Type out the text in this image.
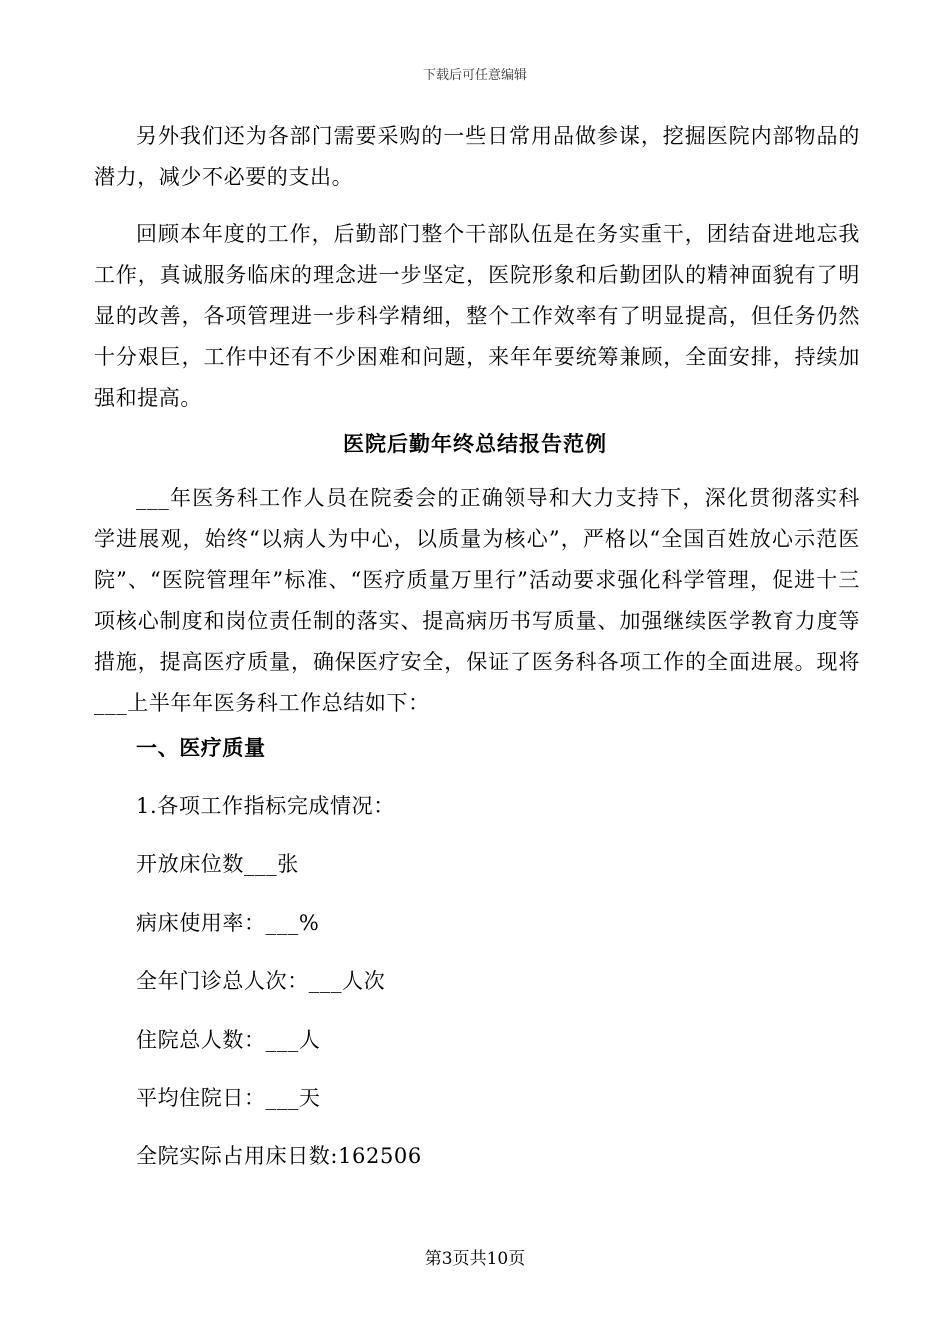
下载后可任意编辑

另外我们还为各部门需要采购的一些日常用品做参谋，挖掘医院内部物品的潜力，减少不必要的支出。

回顾本年度的工作，后勤部门整个干部队伍是在务实重干，团结奋进地忘我工作，真诚服务临床的理念进一步坚定，医院形象和后勤团队的精神面貌有了明显的改善，各项管理进一步科学精细，整个工作效率有了明显提高，但任务仍然十分艰巨，工作中还有不少困难和问题，来年年要统筹兼顾，全面安排，持续加强和提高。

医院后勤年终总结报告范例

___年医务科工作人员在院委会的正确领导和大力支持下，深化贯彻落实科学进展观，始终“以病人为中心，以质量为核心”，严格以“全国百姓放心示范医院”、“医院管理年”标准、“医疗质量万里行”活动要求强化科学管理，促进十三项核心制度和岗位责任制的落实、提高病历书写质量、加强继续医学教育力度等措施，提高医疗质量，确保医疗安全，保证了医务科各项工作的全面进展。现将___上半年年医务科工作总结如下：

一、医疗质量
1.各项工作指标完成情况：
开放床位数___张
病床使用率：___%
全年门诊总人次：___人次
住院总人数：___人
平均住院日：___天
全院实际占用床日数:162506
第3页共10页
